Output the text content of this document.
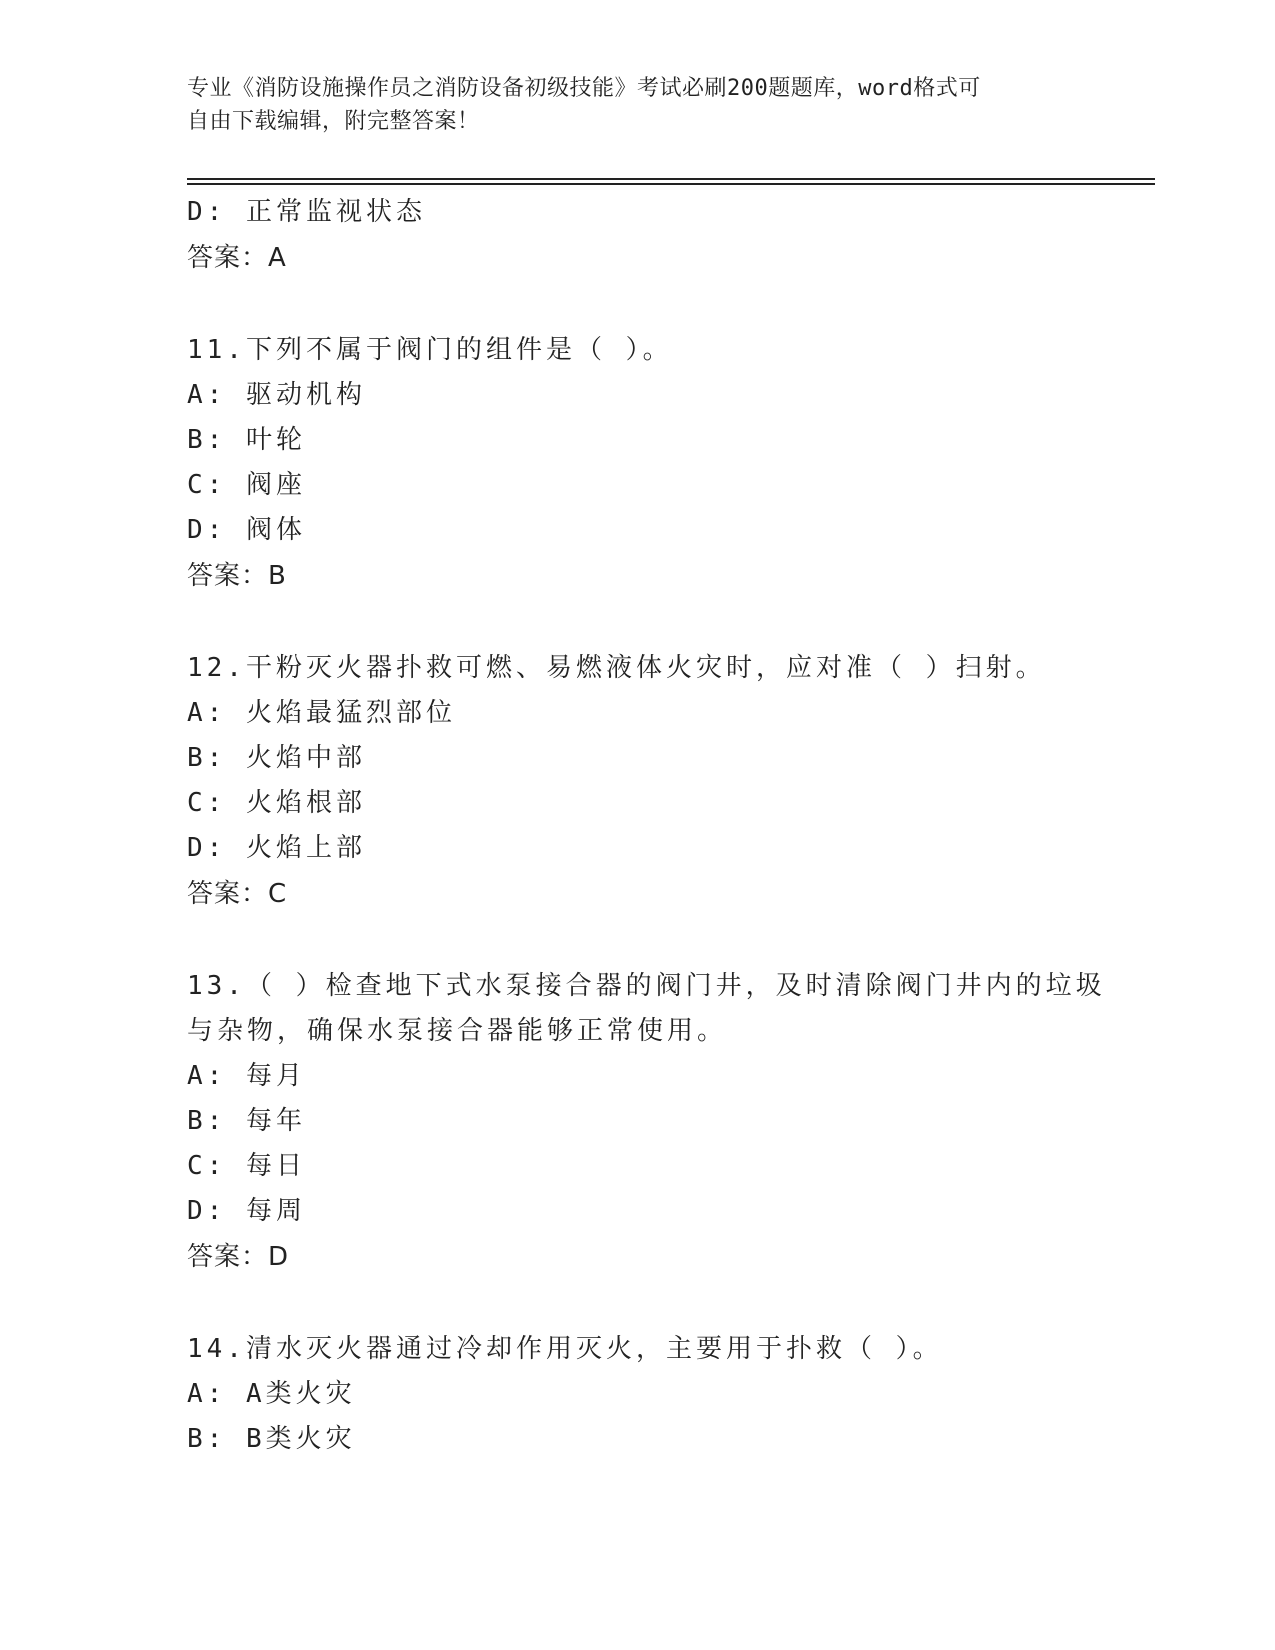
专业《消防设施操作员之消防设备初级技能》考试必刷200题题库，word格式可
自由下载编辑，附完整答案！
D: 正常监视状态
答案：A
11.下列不属于阀门的组件是（ ）。
A: 驱动机构
B: 叶轮
C: 阀座
D: 阀体
答案：B
12.干粉灭火器扑救可燃、易燃液体火灾时，应对准（ ）扫射。
A: 火焰最猛烈部位
B: 火焰中部
C: 火焰根部
D: 火焰上部
答案：C
13.（ ）检查地下式水泵接合器的阀门井，及时清除阀门井内的垃圾
与杂物，确保水泵接合器能够正常使用。
A: 每月
B: 每年
C: 每日
D: 每周
答案：D
14.清水灭火器通过冷却作用灭火，主要用于扑救（ ）。
A: A类火灾
B: B类火灾
